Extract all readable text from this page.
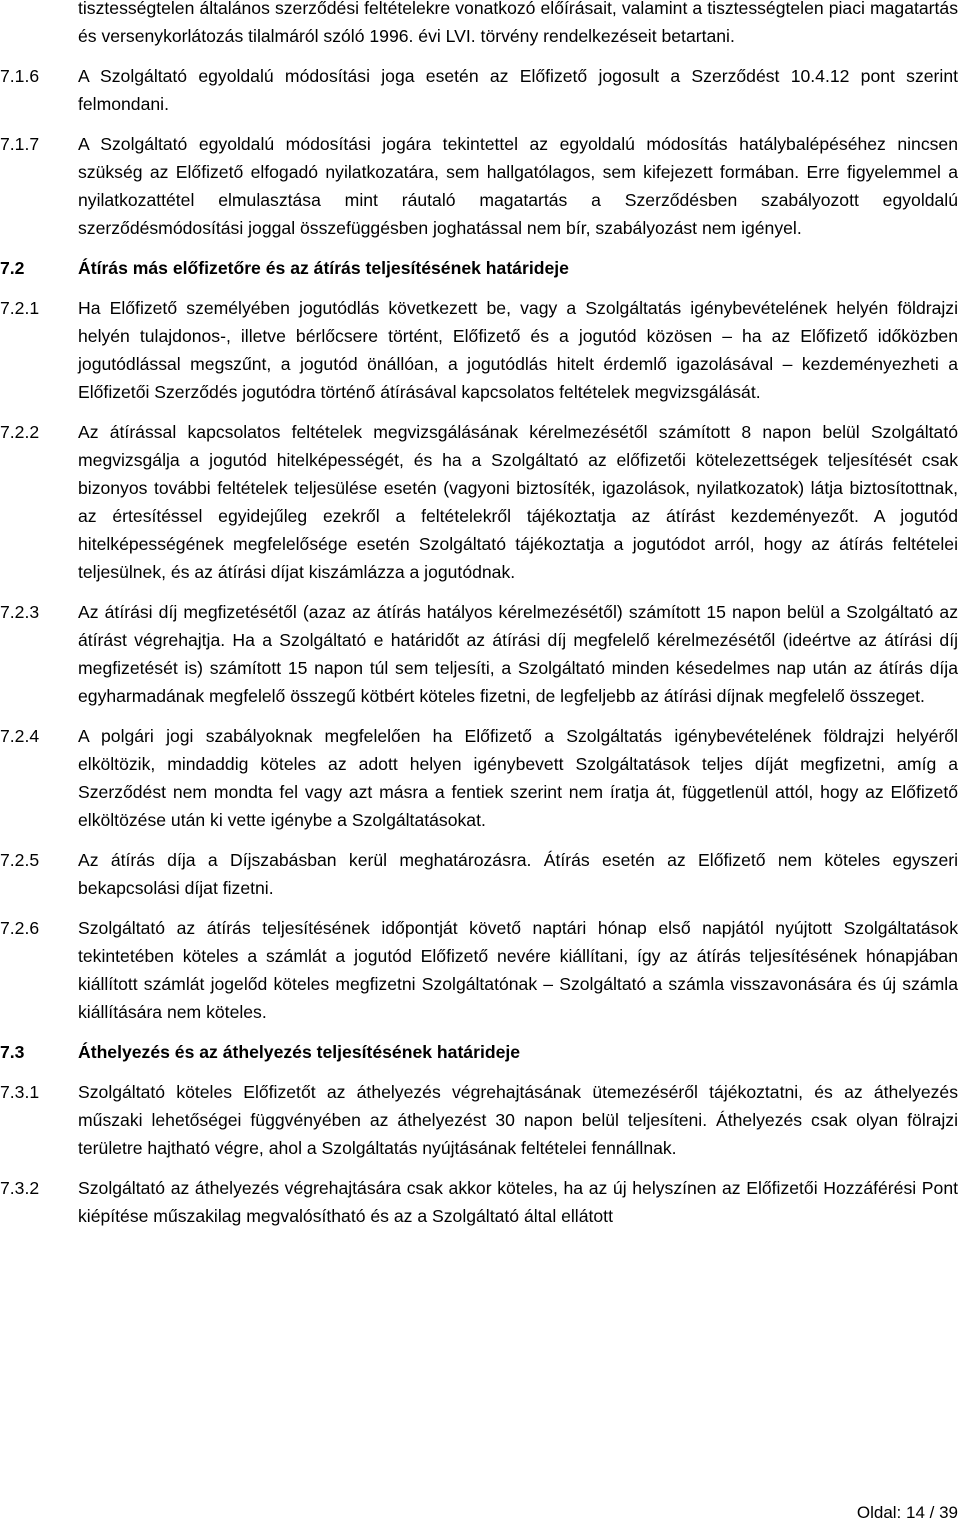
tisztességtelen általános szerződési feltételekre vonatkozó előírásait, valamint a tisztességtelen piaci magatartás és versenykorlátozás tilalmáról szóló 1996. évi LVI. törvény rendelkezéseit betartani.
7.1.6	A Szolgáltató egyoldalú módosítási joga esetén az Előfizető jogosult a Szerződést 10.4.12 pont szerint felmondani.
7.1.7	A Szolgáltató egyoldalú módosítási jogára tekintettel az egyoldalú módosítás hatálybalépéséhez nincsen szükség az Előfizető elfogadó nyilatkozatára, sem hallgatólagos, sem kifejezett formában. Erre figyelemmel a nyilatkozattétel elmulasztása mint ráutaló magatartás a Szerződésben szabályozott egyoldalú szerződésmódosítási joggal összefüggésben joghatással nem bír, szabályozást nem igényel.
7.2	Átírás más előfizetőre és az átírás teljesítésének határideje
7.2.1	Ha Előfizető személyében jogutódlás következett be, vagy a Szolgáltatás igénybevételének helyén földrajzi helyén tulajdonos-, illetve bérlőcsere történt, Előfizető és a jogutód közösen – ha az Előfizető időközben jogutódlással megszűnt, a jogutód önállóan, a jogutódlás hitelt érdemlő igazolásával – kezdeményezheti a Előfizetői Szerződés jogutódra történő átírásával kapcsolatos feltételek megvizsgálását.
7.2.2	Az átírással kapcsolatos feltételek megvizsgálásának kérelmezésétől számított 8 napon belül Szolgáltató megvizsgálja a jogutód hitelképességét, és ha a Szolgáltató az előfizetői kötelezettségek teljesítését csak bizonyos további feltételek teljesülése esetén (vagyoni biztosíték, igazolások, nyilatkozatok) látja biztosítottnak, az értesítéssel egyidejűleg ezekről a feltételekről tájékoztatja az átírást kezdeményezőt. A jogutód hitelképességének megfelelősége esetén Szolgáltató tájékoztatja a jogutódot arról, hogy az átírás feltételei teljesülnek, és az átírási díjat kiszámlázza a jogutódnak.
7.2.3	Az átírási díj megfizetésétől (azaz az átírás hatályos kérelmezésétől) számított 15 napon belül a Szolgáltató az átírást végrehajtja. Ha a Szolgáltató e határidőt az átírási díj megfelelő kérelmezésétől (ideértve az átírási díj megfizetését is) számított 15 napon túl sem teljesíti, a Szolgáltató minden késedelmes nap után az átírás díja egyharmadának megfelelő összegű kötbért köteles fizetni, de legfeljebb az átírási díjnak megfelelő összeget.
7.2.4	A polgári jogi szabályoknak megfelelően ha Előfizető a Szolgáltatás igénybevételének földrajzi helyéről elköltözik, mindaddig köteles az adott helyen igénybevett Szolgáltatások teljes díját megfizetni, amíg a Szerződést nem mondta fel vagy azt másra a fentiek szerint nem íratja át, függetlenül attól, hogy az Előfizető elköltözése után ki vette igénybe a Szolgáltatásokat.
7.2.5	Az átírás díja a Díjszabásban kerül meghatározásra. Átírás esetén az Előfizető nem köteles egyszeri bekapcsolási díjat fizetni.
7.2.6	Szolgáltató az átírás teljesítésének időpontját követő naptári hónap első napjától nyújtott Szolgáltatások tekintetében köteles a számlát a jogutód Előfizető nevére kiállítani, így az átírás teljesítésének hónapjában kiállított számlát jogelőd köteles megfizetni Szolgáltatónak – Szolgáltató a számla visszavonására és új számla kiállítására nem köteles.
7.3	Áthelyezés és az áthelyezés teljesítésének határideje
7.3.1	Szolgáltató köteles Előfizetőt az áthelyezés végrehajtásának ütemezéséről tájékoztatni, és az áthelyezés műszaki lehetőségei függvényében az áthelyezést 30 napon belül teljesíteni. Áthelyezés csak olyan fölrajzi területre hajtható végre, ahol a Szolgáltatás nyújtásának feltételei fennállnak.
7.3.2	Szolgáltató az áthelyezés végrehajtására csak akkor köteles, ha az új helyszínen az Előfizetői Hozzáférési Pont kiépítése műszakilag megvalósítható és az a Szolgáltató által ellátott
Oldal: 14 / 39
